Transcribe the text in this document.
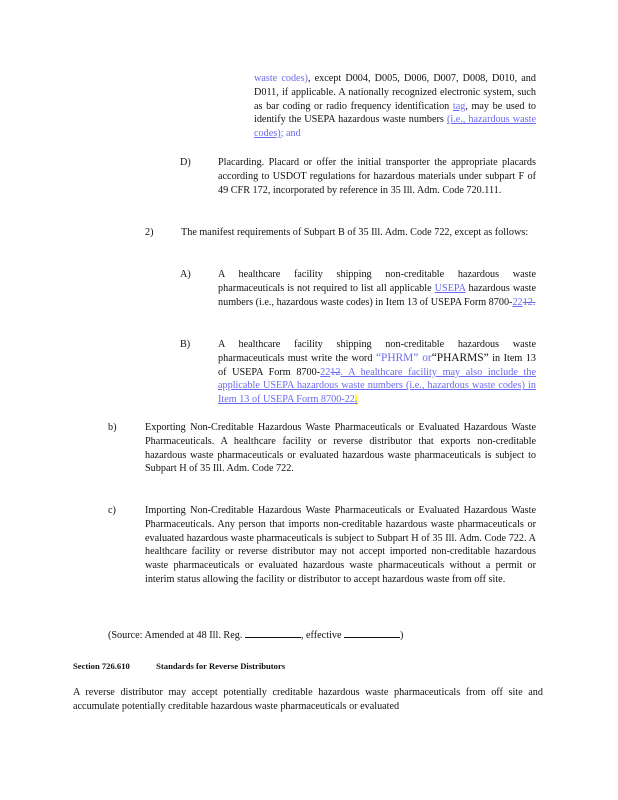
waste codes), except D004, D005, D006, D007, D008, D010, and D011, if applicable. A nationally recognized electronic system, such as bar coding or radio frequency identification tag, may be used to identify the USEPA hazardous waste numbers (i.e., hazardous waste codes); and
D)	Placarding. Placard or offer the initial transporter the appropriate placards according to USDOT regulations for hazardous materials under subpart F of 49 CFR 172, incorporated by reference in 35 Ill. Adm. Code 720.111.
2)	The manifest requirements of Subpart B of 35 Ill. Adm. Code 722, except as follows:
A)	A healthcare facility shipping non-creditable hazardous waste pharmaceuticals is not required to list all applicable USEPA hazardous waste numbers (i.e., hazardous waste codes) in Item 13 of USEPA Form 8700-2212.
B)	A healthcare facility shipping non-creditable hazardous waste pharmaceuticals must write the word “PHRM” or“PHARMS” in Item 13 of USEPA Form 8700-2212. A healthcare facility may also include the applicable USEPA hazardous waste numbers (i.e., hazardous waste codes) in Item 13 of USEPA Form 8700-22.
b)	Exporting Non-Creditable Hazardous Waste Pharmaceuticals or Evaluated Hazardous Waste Pharmaceuticals. A healthcare facility or reverse distributor that exports non-creditable hazardous waste pharmaceuticals or evaluated hazardous waste pharmaceuticals is subject to Subpart H of 35 Ill. Adm. Code 722.
c)	Importing Non-Creditable Hazardous Waste Pharmaceuticals or Evaluated Hazardous Waste Pharmaceuticals. Any person that imports non-creditable hazardous waste pharmaceuticals or evaluated hazardous waste pharmaceuticals is subject to Subpart H of 35 Ill. Adm. Code 722. A healthcare facility or reverse distributor may not accept imported non-creditable hazardous waste pharmaceuticals or evaluated hazardous waste pharmaceuticals without a permit or interim status allowing the facility or distributor to accept hazardous waste from off site.
(Source: Amended at 48 Ill. Reg.	, effective	)
Section 726.610	Standards for Reverse Distributors
A reverse distributor may accept potentially creditable hazardous waste pharmaceuticals from off site and accumulate potentially creditable hazardous waste pharmaceuticals or evaluated
